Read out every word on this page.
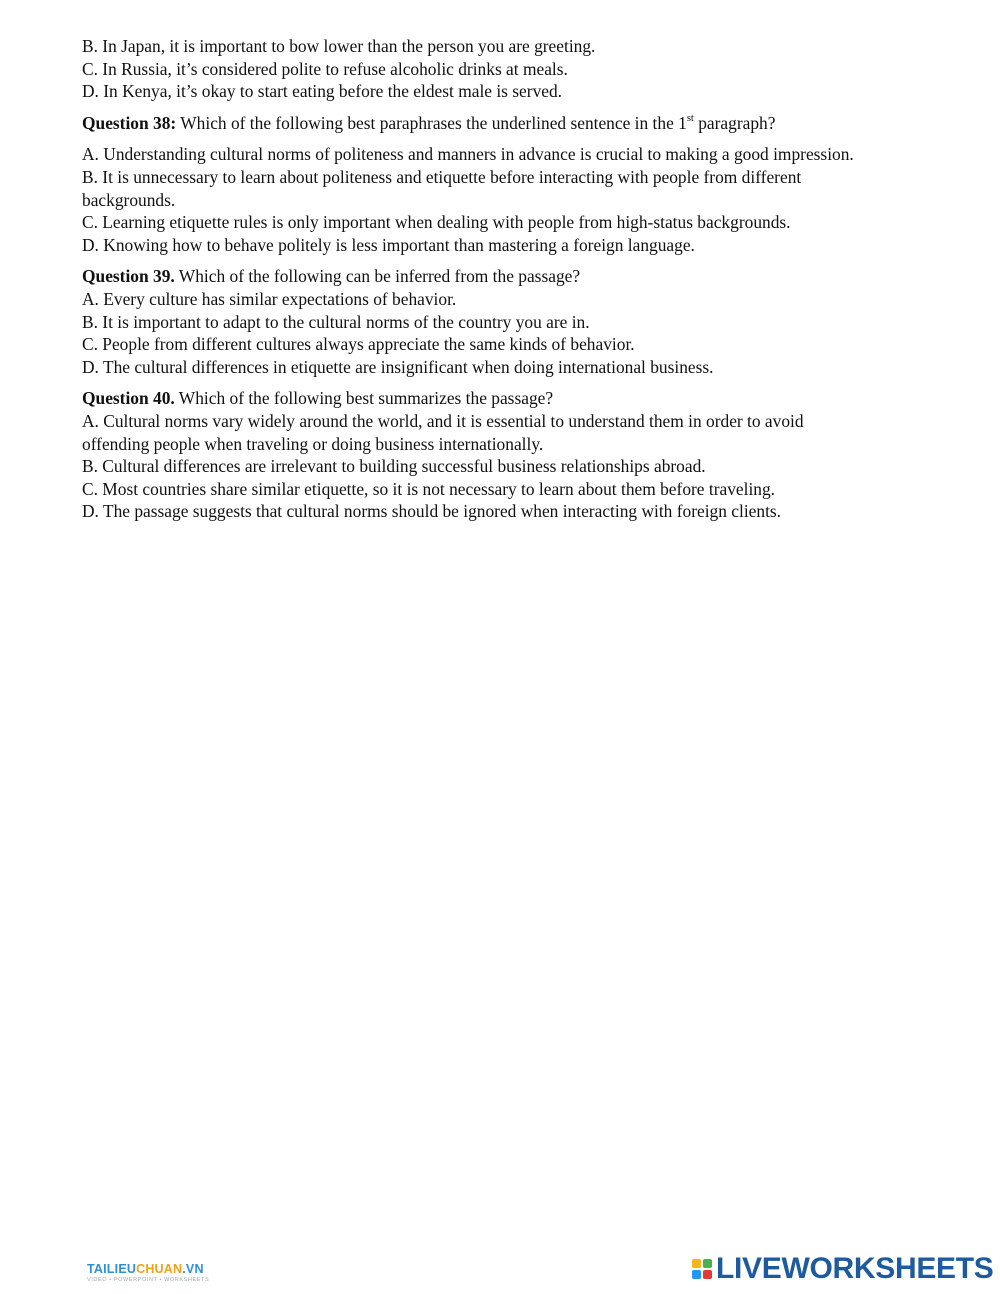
B. In Japan, it is important to bow lower than the person you are greeting.

C. In Russia, it’s considered polite to refuse alcoholic drinks at meals.

D. In Kenya, it’s okay to start eating before the eldest male is served.

Question 38: Which of the following best paraphrases the underlined sentence in the 1st paragraph?

A. Understanding cultural norms of politeness and manners in advance is crucial to making a good impression.

B. It is unnecessary to learn about politeness and etiquette before interacting with people from different

backgrounds.

C. Learning etiquette rules is only important when dealing with people from high-status backgrounds.

D. Knowing how to behave politely is less important than mastering a foreign language.

Question 39. Which of the following can be inferred from the passage?

A. Every culture has similar expectations of behavior.

B. It is important to adapt to the cultural norms of the country you are in.

C. People from different cultures always appreciate the same kinds of behavior.

D. The cultural differences in etiquette are insignificant when doing international business.

Question 40. Which of the following best summarizes the passage?

A. Cultural norms vary widely around the world, and it is essential to understand them in order to avoid

offending people when traveling or doing business internationally.

B. Cultural differences are irrelevant to building successful business relationships abroad.

C. Most countries share similar etiquette, so it is not necessary to learn about them before traveling.

D. The passage suggests that cultural norms should be ignored when interacting with foreign clients.

TAILIEUCHUAN.VN
VIDEO • POWERPOINT • WORKSHEETS	LIVEWORKSHEETS
